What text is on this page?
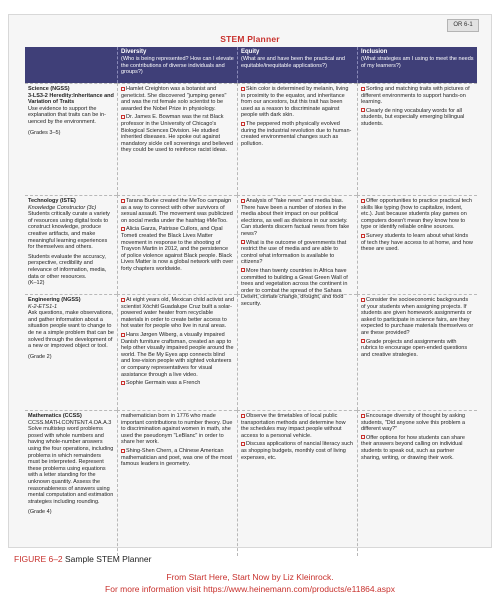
OR 6-1
STEM Planner
Diversity
(Who is being represented? How can I elevate the contributions of diverse individuals and groups?)
Equity
(What are and have been the practical and equitable/inequitable applications?)
Inclusion
(What strategies am I using to meet the needs of my learners?)
Science (NGSS)
3-LS3-2 Heredity:Inheritance and Variation of Traits
Use evidence to support the explanation that traits can be in-uenced by the environment.
(Grades 3–5)
Hamlet Creighton was a botanist and geneticist. She discovered "jumping genes" and was the rst female solo scientist to be awarded the Nobel Prize in physiology.
Dr. James E. Bowman was the rst Black professor in the University of Chicago's Biological Sciences Division. He studied inherited diseases. He spoke out against mandatory sickle cell screenings and believed they could be used to reinforce racist ideas.
Skin color is determined by melanin, living in proximity to the equator, and inheritance from our ancestors, but this trait has been used as a reason to discriminate against people with dark skin.
The peppered moth physically evolved during the industrial revolution due to human-created environmental changes such as pollution.
Sorting and matching traits with pictures of different environments to support hands-on learning.
Clearly de ning vocabulary words for all students, but especially emerging bilingual students.
Technology (ISTE)
Knowledge Constructor (3c)
Students critically curate a variety of resources using digital tools to construct knowledge, produce creative artifacts, and make meaningful learning experiences for themselves and others.
Students evaluate the accuracy, perspective, credibility and relevance of information, media, data or other resources.
(K–12)
Tarana Burke created the MeToo campaign as a way to connect with other survivors of sexual assault. The movement was publicized on social media under the hashtag #MeToo.
Alicia Garza, Patrisse Cullors, and Opal Tometi created the Black Lives Matter movement in response to the shooting of Trayvon Martin in 2012, and the persistence of police violence against Black people. Black Lives Matter is now a global network with over forty chapters worldwide.
Analysis of "fake news" and media bias. There have been a number of stories in the media about their impact on our political elections, as well as divisions in our society. Can students discern factual news from fake news?
What is the outcome of governments that restrict the use of media and are able to control what information is available to citizens?
More than twenty countries in Africa have committed to building a Great Green Wall of trees and vegetation across the continent in order to combat the spread of the Sahara Desert, climate change, drought, and food security.
Offer opportunities to practice practical tech skills like typing (how to capitalize, indent, etc.). Just because students play games on computers doesn't mean they know how to type or identify reliable online sources.
Survey students to learn about what kinds of tech they have access to at home, and how these are used.
Engineering (NGSS)
K-2-ETS1-1
Ask questions, make observations, and gather information about a situation people want to change to de ne a simple problem that can be solved through the development of a new or improved object or tool.
(Grade 2)
At eight years old, Mexican child activist and scientist Xóchitl Guadalupe Cruz built a solar-powered water heater from recyclable materials in order to create better access to hot water for people who live in rural areas.
Hans Jørgen Wiberg, a visually impaired Danish furniture craftsman, created an app to help other visually impaired people around the world. The Be My Eyes app connects blind and low-vision people with sighted volunteers or company representatives for visual assistance through a live video.
Sophie Germain was a French
Consider the socioeconomic backgrounds of your students when assigning projects. If students are given homework assignments or asked to participate in science fairs, are they expected to purchase materials themselves or are these provided?
Grade projects and assignments with rubrics to encourage open-ended questions and creative strategies.
Mathematics (CCSS)
CCSS.MATH.CONTENT.4.OA.A.3
Solve multistep word problems posed with whole numbers and having whole-number answers using the four operations, including problems in which remainders must be interpreted. Represent these problems using equations with a letter standing for the unknown quantity. Assess the reasonableness of answers using mental computation and estimation strategies including rounding.
(Grade 4)
mathematician born in 1776 who made important contributions to number theory. Due to discrimination against women in math, she used the pseudonym "LeBlanc" in order to share her work.
Shing-Shen Chern, a Chinese American mathematician and poet, was one of the most famous leaders in geometry.
Observe the timetables of local public transportation methods and determine how the schedules may impact people without access to a personal vehicle.
Discuss applications of nancial literacy such as shopping budgets, monthly cost of living expenses, etc.
Encourage diversity of thought by asking students, "Did anyone solve this problem a different way?"
Offer options for how students can share their answers beyond calling on individual students to speak out, such as partner sharing, writing, or drawing their work.
FIGURE 6–2 Sample STEM Planner
From Start Here, Start Now by Liz Kleinrock.
For more information visit https://www.heinemann.com/products/e11864.aspx
